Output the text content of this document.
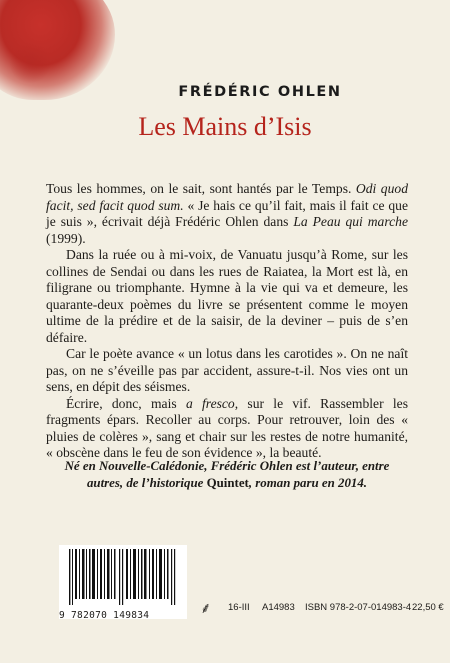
FRÉDÉRIC OHLEN
Les Mains d’Isis

Tous les hommes, on le sait, sont hantés par le Temps. Odi quod facit, sed facit quod sum. « Je hais ce qu’il fait, mais il fait ce que je suis », écrivait déjà Frédéric Ohlen dans La Peau qui marche (1999).

Dans la ruée ou à mi-voix, de Vanuatu jusqu’à Rome, sur les collines de Sendai ou dans les rues de Raiatea, la Mort est là, en filigrane ou triomphante. Hymne à la vie qui va et demeure, les quarante-deux poèmes du livre se présentent comme le moyen ultime de la prédire et de la saisir, de la deviner – puis de s’en défaire.

Car le poète avance « un lotus dans les carotides ». On ne naît pas, on ne s’éveille pas par accident, assure-t-il. Nos vies ont un sens, en dépit des séismes.

Écrire, donc, mais a fresco, sur le vif. Rassembler les fragments épars. Recoller au corps. Pour retrouver, loin des « pluies de colères », sang et chair sur les restes de notre humanité, « obscène dans le feu de son évidence », la beauté.

Né en Nouvelle-Calédonie, Frédéric Ohlen est l’auteur, entre autres, de l’historique Quintet, roman paru en 2014.
9 782070 149834	⸙ 16-III A14983 ISBN 978-2-07-014983-4 22,50 €
